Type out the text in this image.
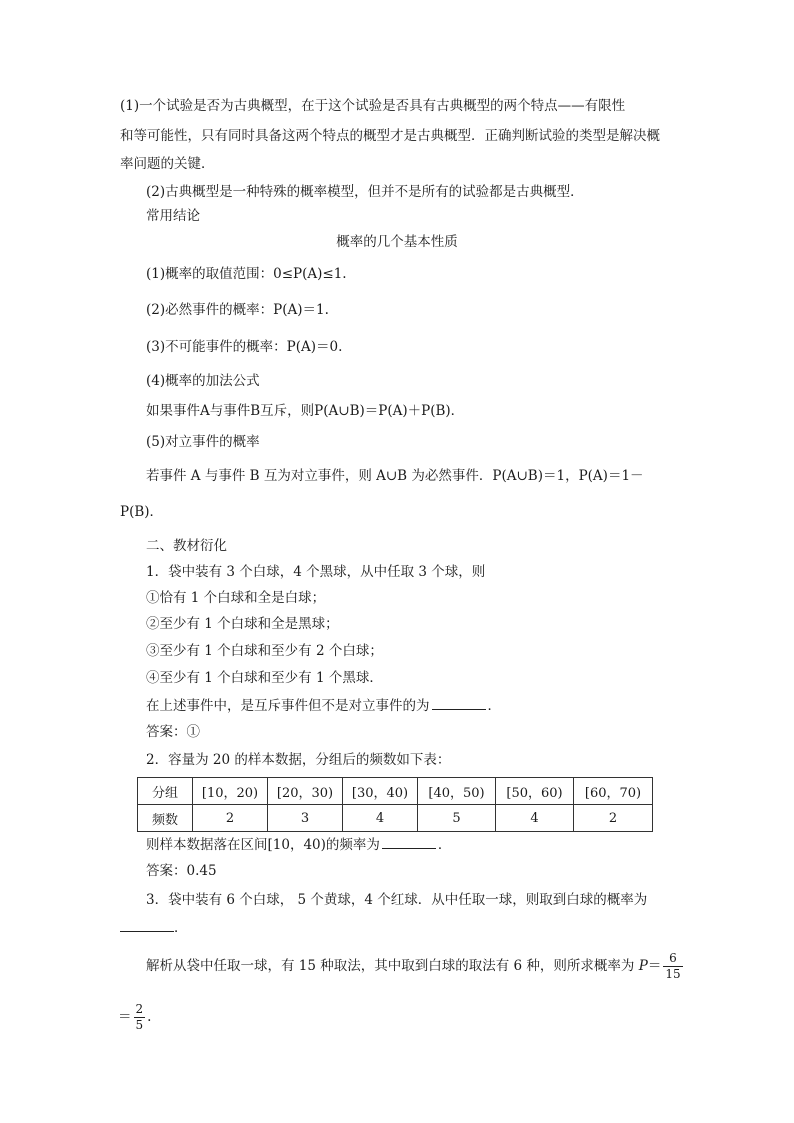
(1)一个试验是否为古典概型，在于这个试验是否具有古典概型的两个特点——有限性
和等可能性，只有同时具备这两个特点的概型才是古典概型．正确判断试验的类型是解决概
率问题的关键．
(2)古典概型是一种特殊的概率模型，但并不是所有的试验都是古典概型．
常用结论
概率的几个基本性质
(1)概率的取值范围：0≤P(A)≤1.
(2)必然事件的概率：P(A)＝1.
(3)不可能事件的概率：P(A)＝0.
(4)概率的加法公式
如果事件A与事件B互斥，则P(A∪B)＝P(A)＋P(B)．
(5)对立事件的概率
若事件 A 与事件 B 互为对立事件，则 A∪B 为必然事件．P(A∪B)＝1，P(A)＝1－
P(B)．
二、教材衍化
1．袋中装有 3 个白球，4 个黑球，从中任取 3 个球，则
①恰有 1 个白球和全是白球；
②至少有 1 个白球和全是黑球；
③至少有 1 个白球和至少有 2 个白球；
④至少有 1 个白球和至少有 1 个黑球．
在上述事件中，是互斥事件但不是对立事件的为	．
答案：①
2．容量为 20 的样本数据，分组后的频数如下表：
分组	[10，20)	[20，30)	[30，40)	[40，50)	[50，60)	[60，70)
频数	2	3	4	5	4	2
则样本数据落在区间[10，40)的频率为	．
答案：0.45
3．袋中装有 6 个白球， 5 个黄球，4 个红球．从中任取一球，则取到白球的概率为
．
解析从袋中任取一球，有 15 种取法，其中取到白球的取法有 6 种，则所求概率为 $P= \frac{6}{15}$
＝ $\frac{2}{5}$ .
